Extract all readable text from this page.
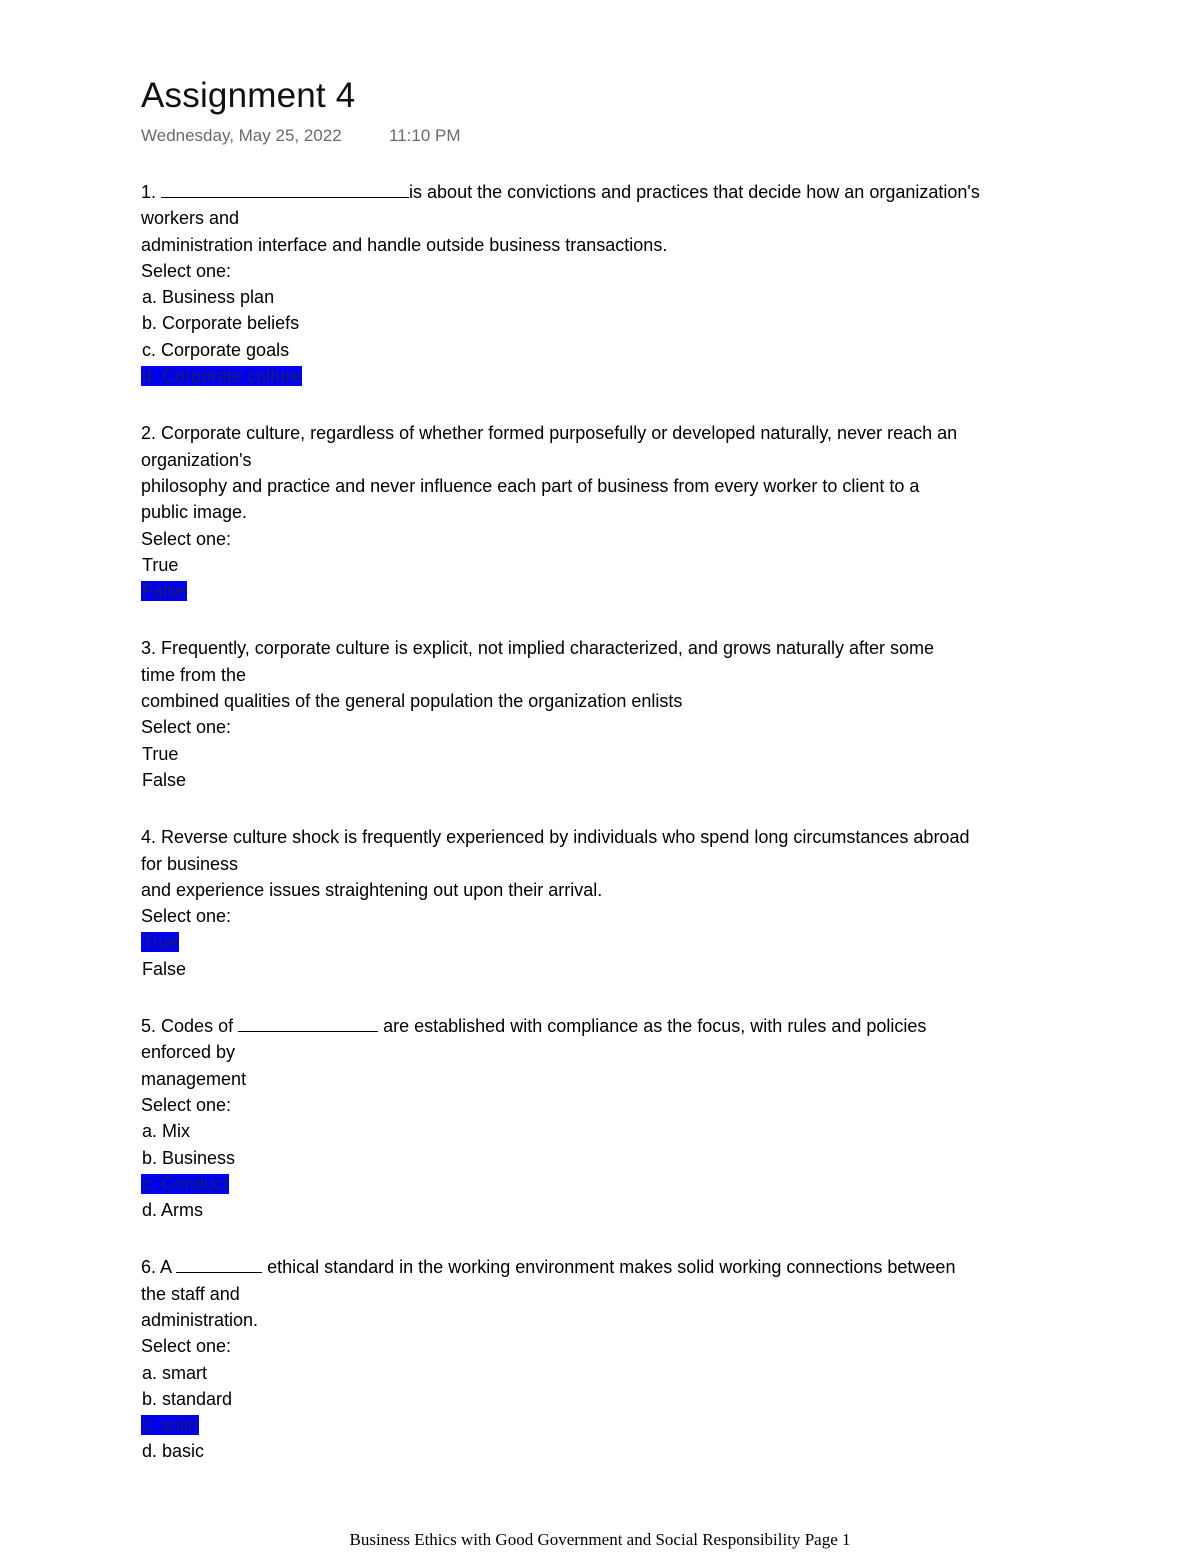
Assignment 4
Wednesday, May 25, 2022	11:10 PM
1.	is about the convictions and practices that decide how an organization's
workers and
administration interface and handle outside business transactions.
Select one:
a. Business plan
b. Corporate beliefs
c. Corporate goals
d. Corporate culture
2. Corporate culture, regardless of whether formed purposefully or developed naturally, never reach an
organization's
philosophy and practice and never influence each part of business from every worker to client to a
public image.
Select one:
True
False
3. Frequently, corporate culture is explicit, not implied characterized, and grows naturally after some
time from the
combined qualities of the general population the organization enlists
Select one:
True
False
4. Reverse culture shock is frequently experienced by individuals who spend long circumstances abroad
for business
and experience issues straightening out upon their arrival.
Select one:
True
False
5. Codes of	are established with compliance as the focus, with rules and policies
enforced by
management
Select one:
a. Mix
b. Business
c. Conduct
d. Arms
6. A	ethical standard in the working environment makes solid working connections between
the staff and
administration.
Select one:
a. smart
b. standard
c. solid
d. basic
Business Ethics with Good Government and Social Responsibility Page 1
